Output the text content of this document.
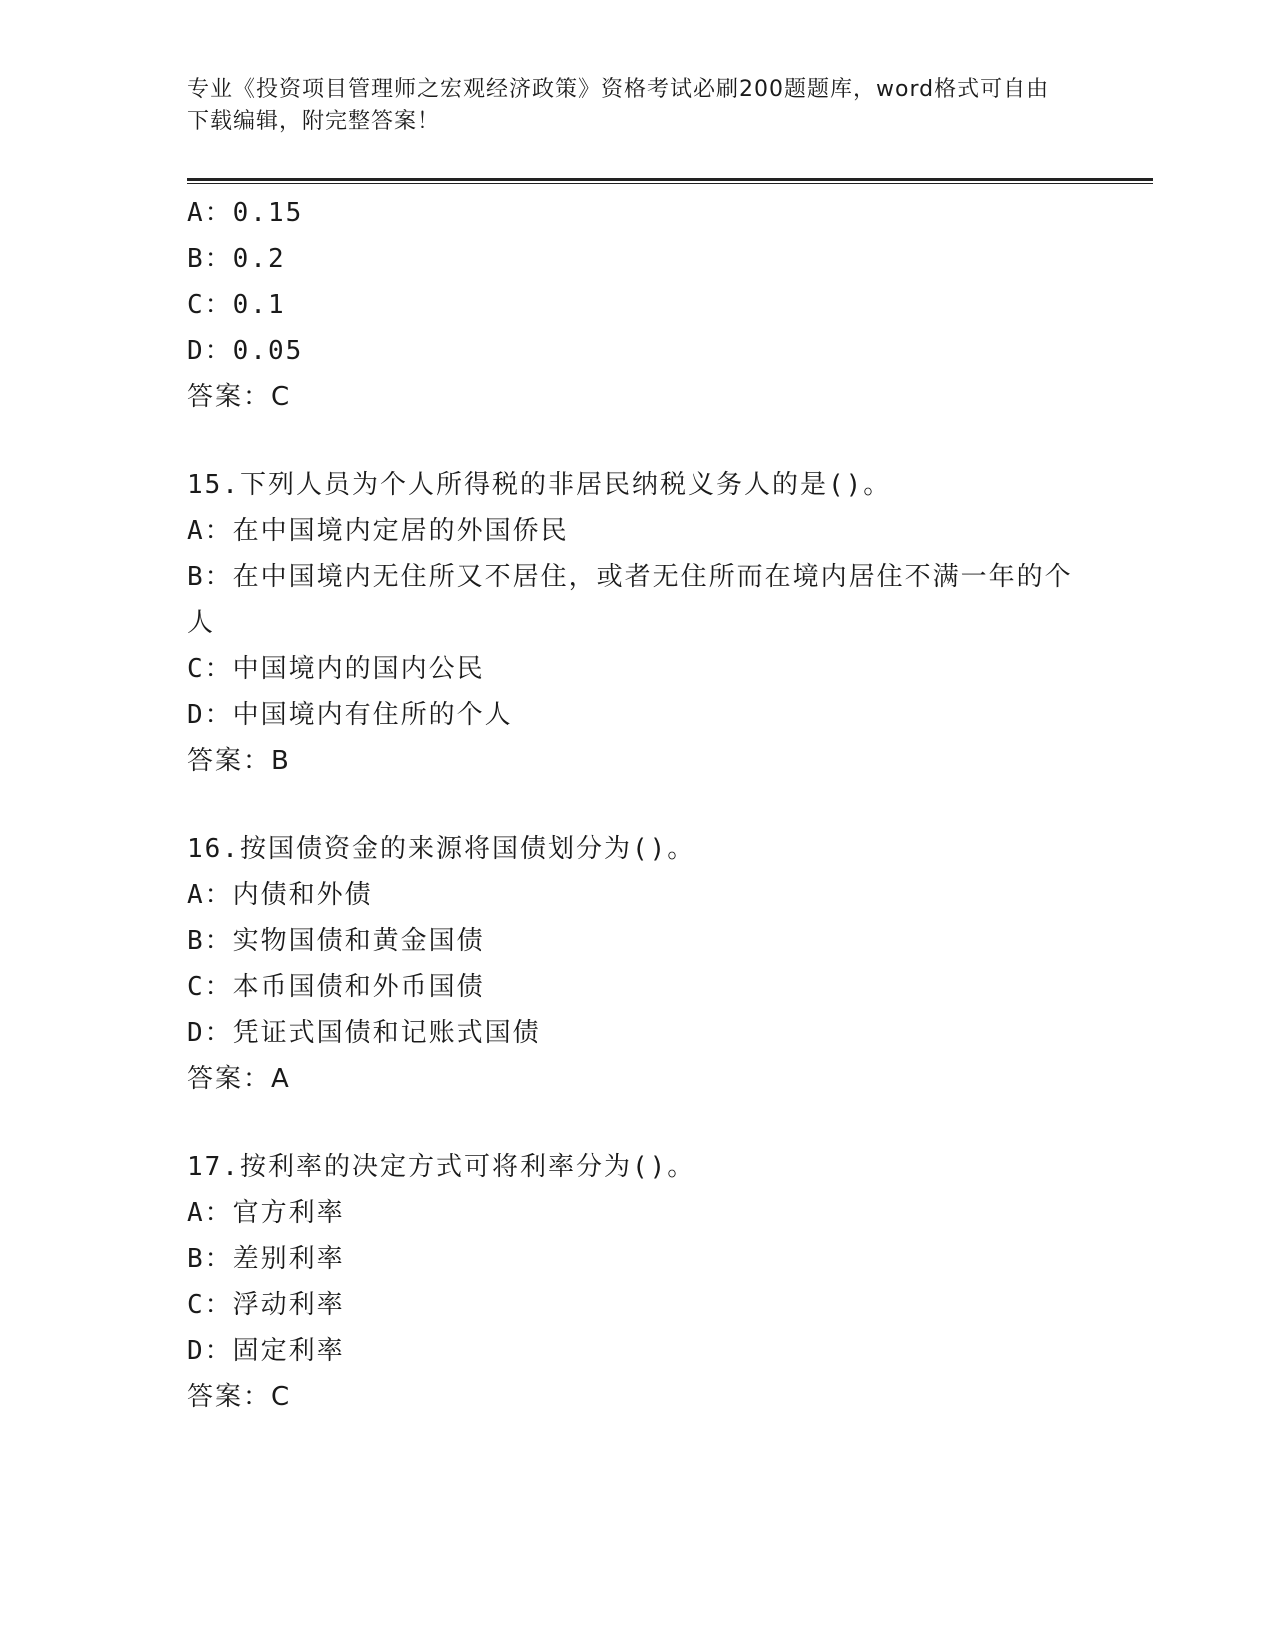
专业《投资项目管理师之宏观经济政策》资格考试必刷200题题库，word格式可自由下载编辑，附完整答案！
A：0.15
B：0.2
C：0.1
D：0.05
答案：C
15.下列人员为个人所得税的非居民纳税义务人的是()。
A：在中国境内定居的外国侨民
B：在中国境内无住所又不居住，或者无住所而在境内居住不满一年的个人
C：中国境内的国内公民
D：中国境内有住所的个人
答案：B
16.按国债资金的来源将国债划分为()。
A：内债和外债
B：实物国债和黄金国债
C：本币国债和外币国债
D：凭证式国债和记账式国债
答案：A
17.按利率的决定方式可将利率分为()。
A：官方利率
B：差别利率
C：浮动利率
D：固定利率
答案：C
